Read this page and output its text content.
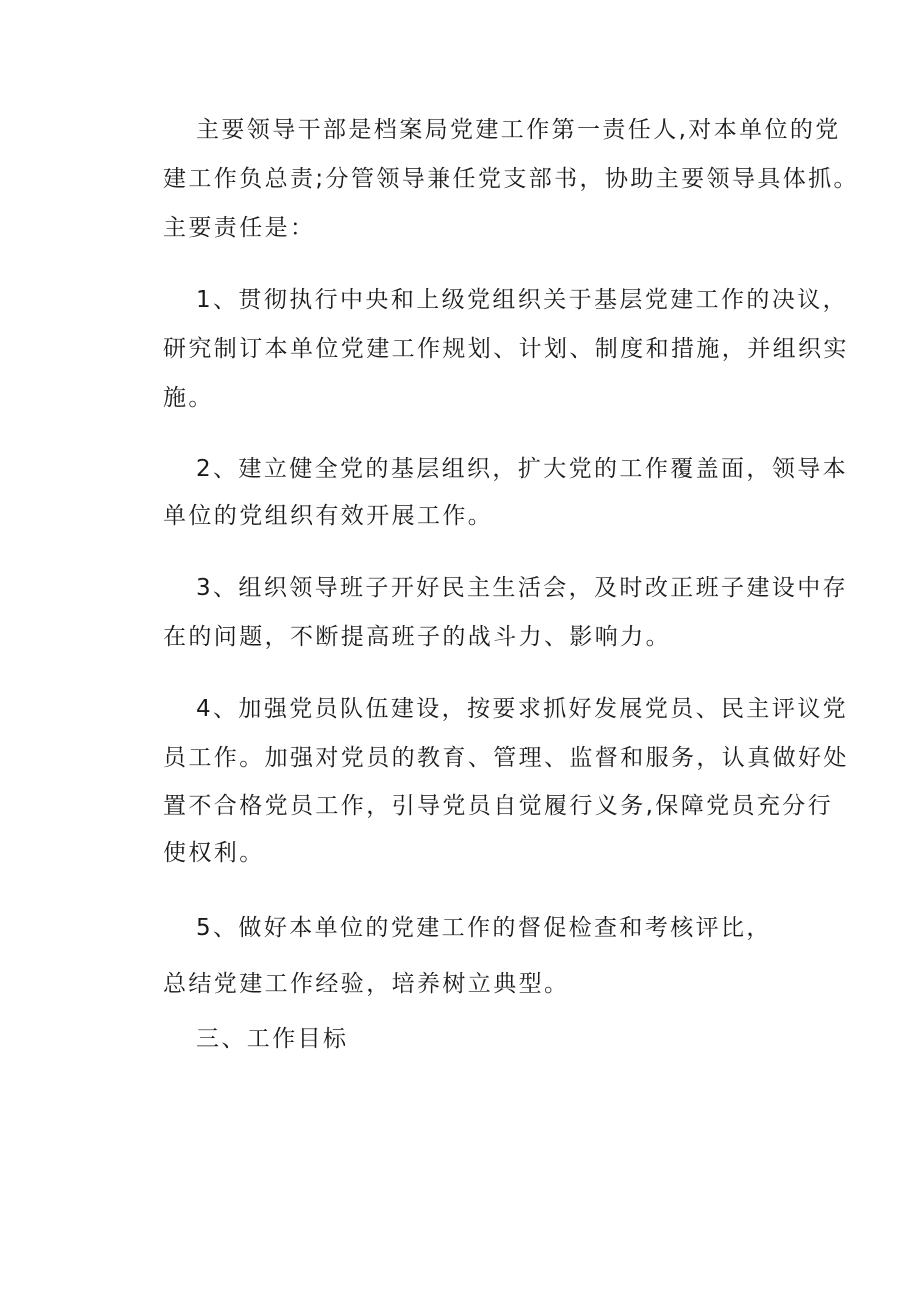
主要领导干部是档案局党建工作第一责任人,对本单位的党

建工作负总责;分管领导兼任党支部书，协助主要领导具体抓。

主要责任是：

1、贯彻执行中央和上级党组织关于基层党建工作的决议，

研究制订本单位党建工作规划、计划、制度和措施，并组织实

施。

2、建立健全党的基层组织，扩大党的工作覆盖面，领导本

单位的党组织有效开展工作。

3、组织领导班子开好民主生活会，及时改正班子建设中存

在的问题，不断提高班子的战斗力、影响力。

4、加强党员队伍建设，按要求抓好发展党员、民主评议党

员工作。加强对党员的教育、管理、监督和服务，认真做好处

置不合格党员工作，引导党员自觉履行义务,保障党员充分行

使权利。

5、做好本单位的党建工作的督促检查和考核评比，

总结党建工作经验，培养树立典型。

三、工作目标
